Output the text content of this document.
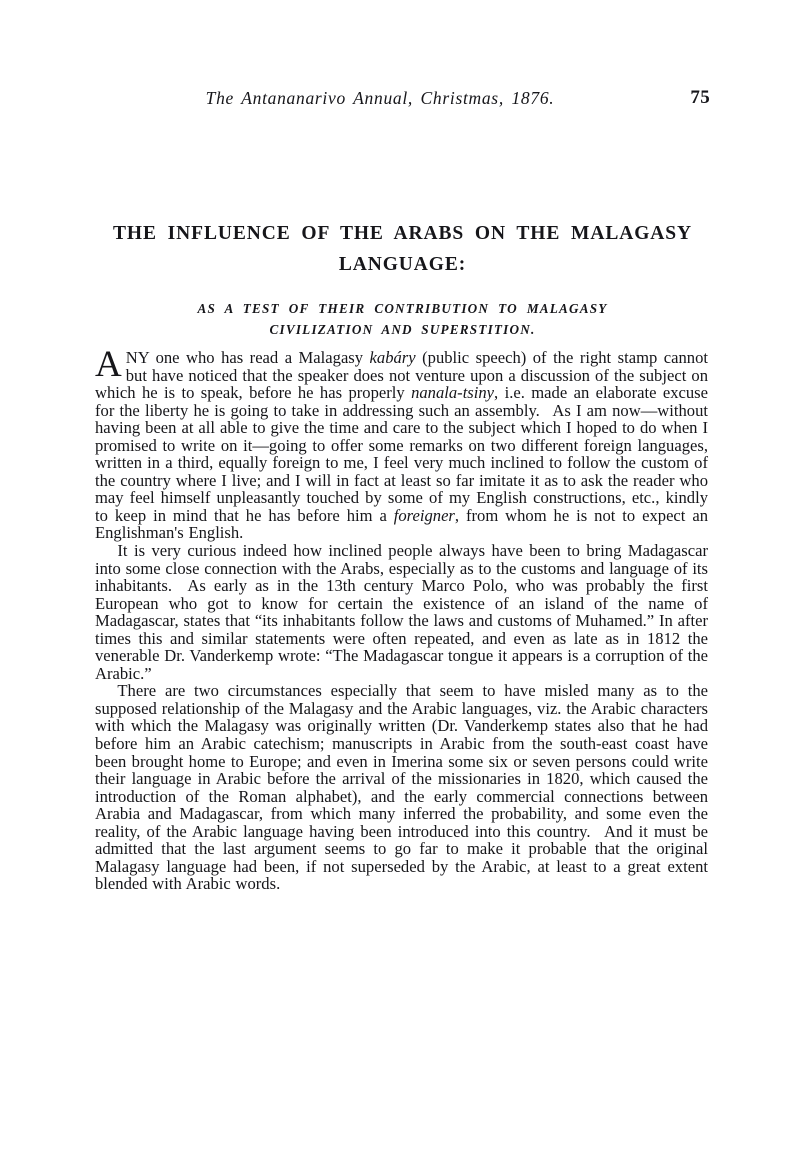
The Antananarivo Annual, Christmas, 1876.	75
THE INFLUENCE OF THE ARABS ON THE MALAGASY
LANGUAGE:
AS A TEST OF THEIR CONTRIBUTION TO MALAGASY
CIVILIZATION AND SUPERSTITION.

ANY one who has read a Malagasy kabáry (public speech) of the right stamp cannot but have noticed that the speaker does not venture upon a discussion of the subject on which he is to speak, before he has properly nanala-tsiny, i.e. made an elaborate excuse for the liberty he is going to take in addressing such an assembly.  As I am now—without having been at all able to give the time and care to the subject which I hoped to do when I promised to write on it—going to offer some remarks on two different foreign languages, written in a third, equally foreign to me, I feel very much inclined to follow the custom of the country where I live; and I will in fact at least so far imitate it as to ask the reader who may feel himself unpleasantly touched by some of my English constructions, etc., kindly to keep in mind that he has before him a foreigner, from whom he is not to expect an Englishman's English.

It is very curious indeed how inclined people always have been to bring Madagascar into some close connection with the Arabs, especially as to the customs and language of its inhabitants.  As early as in the 13th century Marco Polo, who was probably the first European who got to know for certain the existence of an island of the name of Madagascar, states that “its inhabitants follow the laws and customs of Muhamed.” In after times this and similar statements were often repeated, and even as late as in 1812 the venerable Dr. Vanderkemp wrote: “The Madagascar tongue it appears is a corruption of the Arabic.”

There are two circumstances especially that seem to have misled many as to the supposed relationship of the Malagasy and the Arabic languages, viz. the Arabic characters with which the Malagasy was originally written (Dr. Vanderkemp states also that he had before him an Arabic catechism; manuscripts in Arabic from the south-east coast have been brought home to Europe; and even in Imerina some six or seven persons could write their language in Arabic before the arrival of the missionaries in 1820, which caused the introduction of the Roman alphabet), and the early commercial connections between Arabia and Madagascar, from which many inferred the probability, and some even the reality, of the Arabic language having been introduced into this country.  And it must be admitted that the last argument seems to go far to make it probable that the original Malagasy language had been, if not superseded by the Arabic, at least to a great extent blended with Arabic words.
